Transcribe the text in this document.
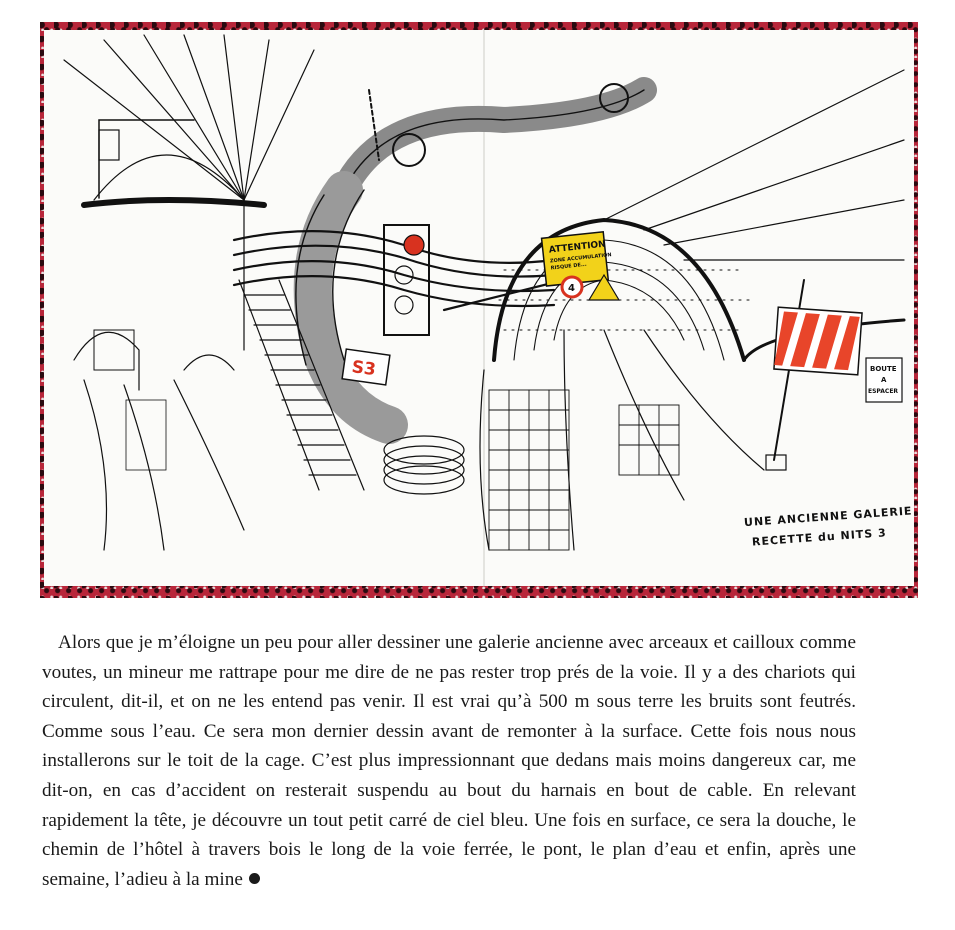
ATTENTION
ZONE ACCUMULATION
RISQUE DE...
4
S3	BOUTE
A
ESPACER
UNE ANCIENNE GALERIE
RECETTE du NITS 3

Alors que je m’éloigne un peu pour aller dessiner une galerie ancienne avec arceaux et cailloux comme voutes, un mineur me rattrape pour me dire de ne pas rester trop prés de la voie. Il y a des chariots qui circulent, dit-il, et on ne les entend pas venir. Il est vrai qu’à 500 m sous terre les bruits sont feutrés. Comme sous l’eau. Ce sera mon dernier dessin avant de remonter à la surface. Cette fois nous nous installerons sur le toit de la cage. C’est plus impressionnant que dedans mais moins dangereux car, me dit-on, en cas d’accident on resterait suspendu au bout du harnais en bout de cable. En relevant rapidement la tête, je découvre un tout petit carré de ciel bleu. Une fois en surface, ce sera la douche, le chemin de l’hôtel à travers bois le long de la voie ferrée, le pont, le plan d’eau et enfin, après une semaine, l’adieu à la mine
